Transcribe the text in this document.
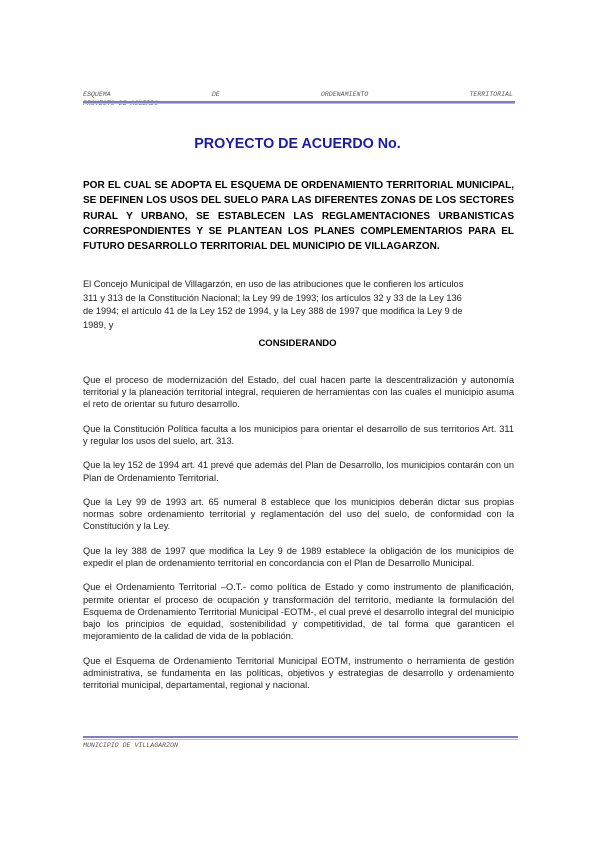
ESQUEMA	DE	ORDENAMIENTO	TERRITORIAL
PROYECTO DE ACUERDO
PROYECTO DE ACUERDO No.

POR EL CUAL SE ADOPTA EL ESQUEMA DE ORDENAMIENTO TERRITORIAL MUNICIPAL, SE DEFINEN LOS USOS DEL SUELO PARA LAS DIFERENTES ZONAS DE LOS SECTORES RURAL Y URBANO, SE ESTABLECEN LAS REGLAMENTACIONES URBANISTICAS CORRESPONDIENTES Y SE PLANTEAN LOS PLANES COMPLEMENTARIOS PARA EL FUTURO DESARROLLO TERRITORIAL DEL MUNICIPIO DE VILLAGARZON.

El Concejo Municipal de Villagarzón, en uso de las atribuciones que le confieren los artículos
311 y 313 de la Constitución Nacional; la Ley 99 de 1993; los artículos 32 y 33 de la Ley 136
de 1994; el artículo 41 de la Ley 152 de 1994, y la Ley 388 de 1997 que modifica la Ley 9 de
1989, y
CONSIDERANDO

Que el proceso de modernización del Estado, del cual hacen parte la descentralización y autonomía territorial y la planeación territorial integral, requieren de herramientas con las cuales el municipio asuma el reto de orientar su futuro desarrollo.

Que la Constitución Política faculta a los municipios para orientar el desarrollo de sus territorios Art. 311 y regular los usos del suelo, art. 313.

Que la ley 152 de 1994 art. 41 prevé que además del Plan de Desarrollo, los municipios contarán con un Plan de Ordenamiento Territorial.

Que la Ley 99 de 1993 art. 65 numeral 8 establece que los municipios deberán dictar sus propias normas sobre ordenamiento territorial y reglamentación del uso del suelo, de conformidad con la Constitución y la Ley.

Que la ley 388 de 1997 que modifica la Ley 9 de 1989 establece la obligación de los municipios de expedir el plan de ordenamiento territorial en concordancia con el Plan de Desarrollo Municipal.

Que el Ordenamiento Territorial –O.T.- como política de Estado y como instrumento de planificación, permite orientar el proceso de ocupación y transformación del territorio, mediante la formulación del Esquema de Ordenamiento Territorial Municipal -EOTM-, el cual prevé el desarrollo integral del municipio bajo los principios de equidad, sostenibilidad y competitividad, de tal forma que garanticen el mejoramiento de la calidad de vida de la población.

Que el Esquema de Ordenamiento Territorial Municipal EOTM, instrumento o herramienta de gestión administrativa, se fundamenta en las políticas, objetivos y estrategias de desarrollo y ordenamiento territorial municipal, departamental, regional y nacional.

MUNICIPIO DE VILLAGARZON
